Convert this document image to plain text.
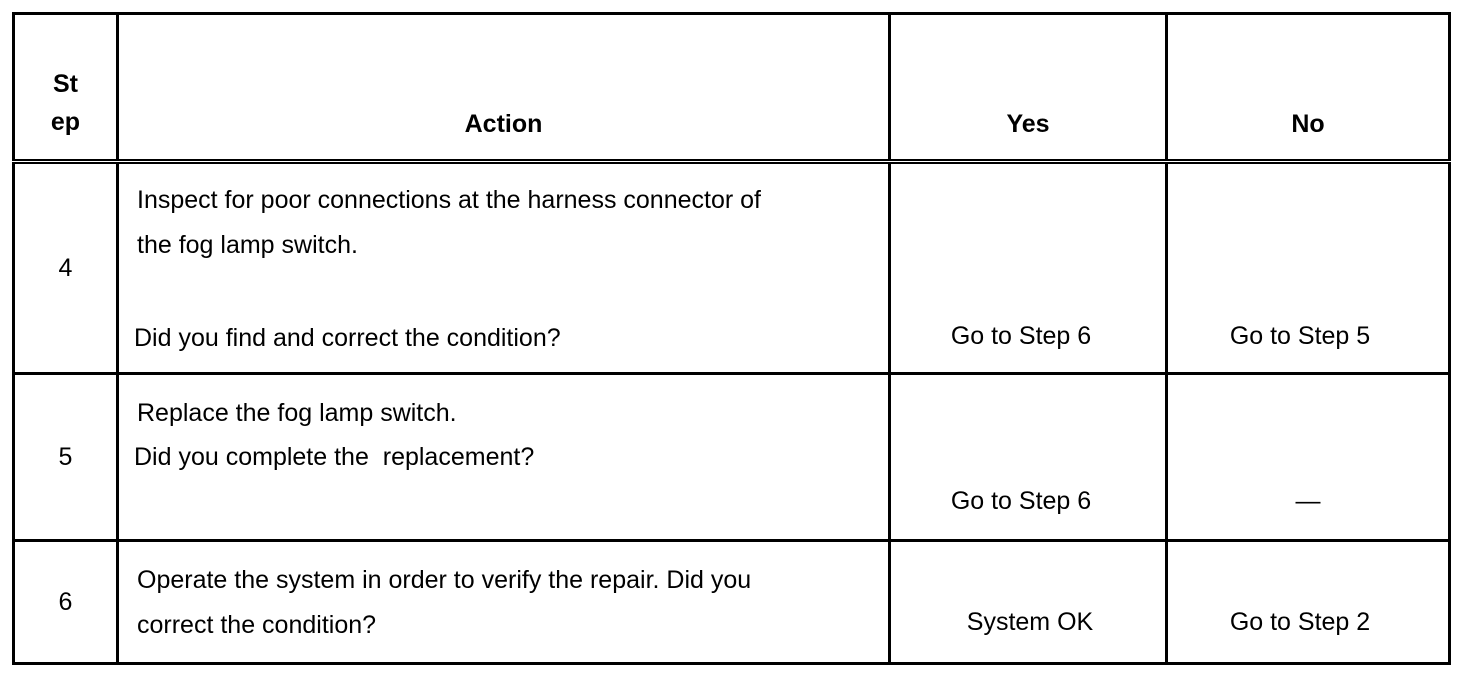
St
ep	Action	Yes	No
4	Inspect for poor connections at the harness connector of
the fog lamp switch.
Did you find and correct the condition?	Go to Step 6	Go to Step 5

5	Replace the fog lamp switch.
Did you complete the  replacement?	Go to Step 6	—

6	Operate the system in order to verify the repair. Did you
correct the condition?	System OK	Go to Step 2
